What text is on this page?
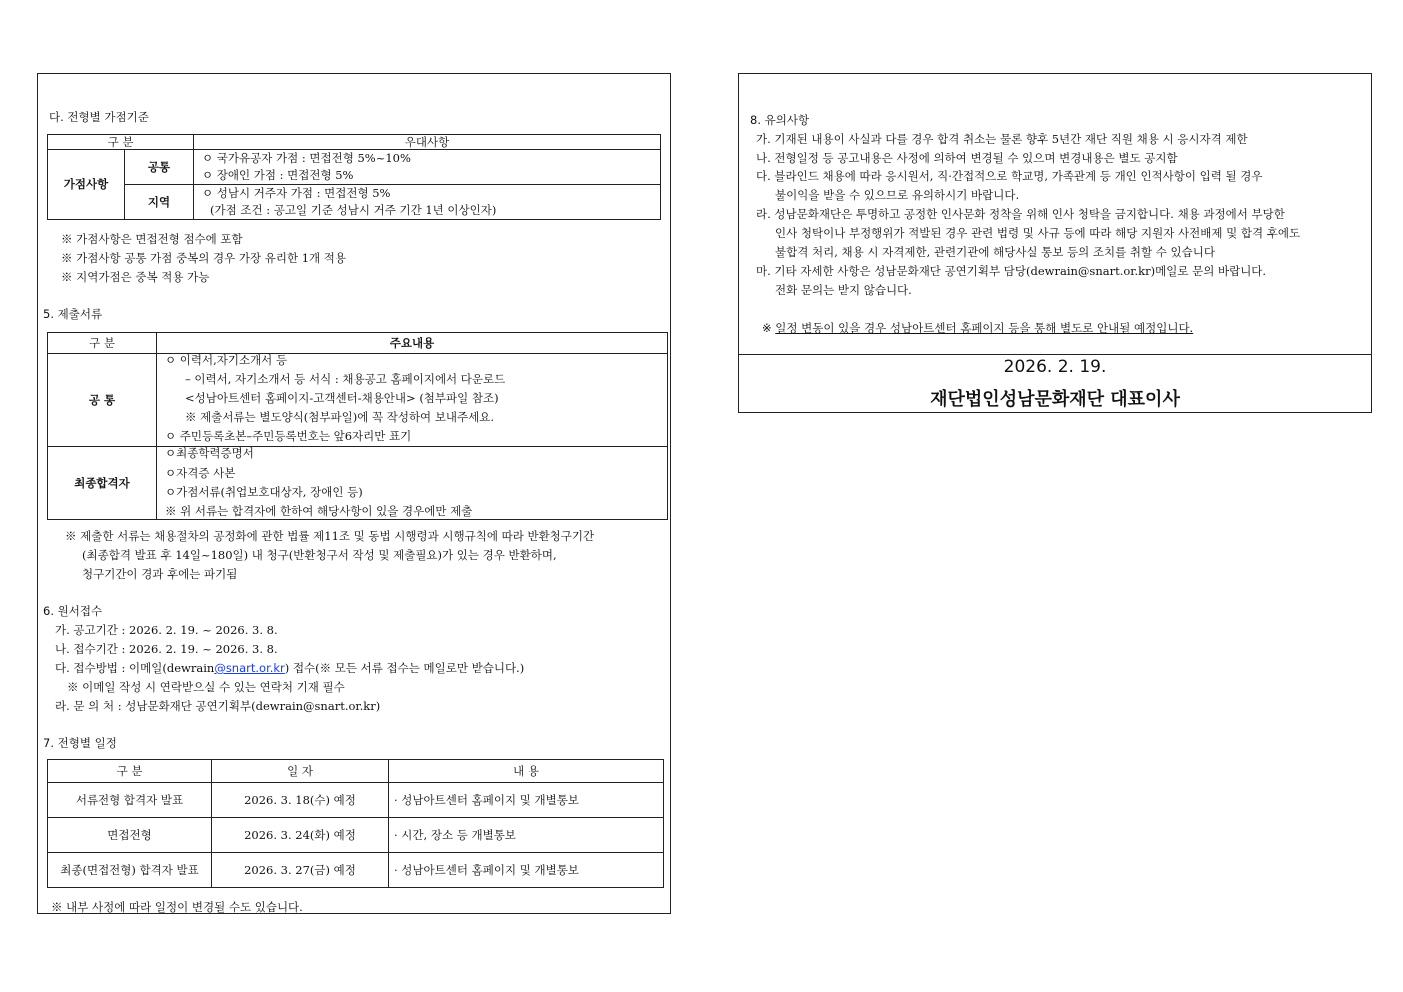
다. 전형별 가점기준
구 분		우대사항
가점사항	공통	ㅇ 국가유공자 가점 : 면접전형 5%~10%
ㅇ 장애인 가점 : 면접전형 5%

	지역	ㅇ 성남시 거주자 가점 : 면접전형 5%
(가점 조건 : 공고일 기준 성남시 거주 기간 1년 이상인자)
※ 가점사항은 면접전형 점수에 포함
※ 가점사항 공통 가점 중복의 경우 가장 유리한 1개 적용
※ 지역가점은 중복 적용 가능
5. 제출서류
구 분	주요내용
공 통	ㅇ 이력서,자기소개서 등
– 이력서, 자기소개서 등 서식 : 채용공고 홈페이지에서 다운로드
<성남아트센터 홈페이지-고객센터-채용안내> (첨부파일 참조)
※ 제출서류는 별도양식(첨부파일)에 꼭 작성하여 보내주세요.
ㅇ 주민등록초본–주민등록번호는 앞6자리만 표기

최종합격자	ㅇ최종학력증명서
ㅇ자격증 사본
ㅇ가점서류(취업보호대상자, 장애인 등)
※ 위 서류는 합격자에 한하여 해당사항이 있을 경우에만 제출
※ 제출한 서류는 채용절차의 공정화에 관한 법률 제11조 및 동법 시행령과 시행규칙에 따라 반환청구기간
(최종합격 발표 후 14일~180일) 내 청구(반환청구서 작성 및 제출필요)가 있는 경우 반환하며,
청구기간이 경과 후에는 파기됨
6. 원서접수
가. 공고기간 : 2026. 2. 19. ~ 2026. 3. 8.
나. 접수기간 : 2026. 2. 19. ~ 2026. 3. 8.
다. 접수방법 : 이메일(dewrain@snart.or.kr) 접수(※ 모든 서류 접수는 메일로만 받습니다.)
※ 이메일 작성 시 연락받으실 수 있는 연락처 기재 필수
라. 문 의 처 : 성남문화재단 공연기획부(dewrain@snart.or.kr)
7. 전형별 일정
구 분	일 자	내 용
서류전형 합격자 발표	2026. 3. 18(수) 예정	· 성남아트센터 홈페이지 및 개별통보
면접전형	2026. 3. 24(화) 예정	· 시간, 장소 등 개별통보
최종(면접전형) 합격자 발표	2026. 3. 27(금) 예정	· 성남아트센터 홈페이지 및 개별통보
※ 내부 사정에 따라 일정이 변경될 수도 있습니다.
8. 유의사항
가. 기재된 내용이 사실과 다를 경우 합격 취소는 물론 향후 5년간 재단 직원 채용 시 응시자격 제한
나. 전형일정 등 공고내용은 사정에 의하여 변경될 수 있으며 변경내용은 별도 공지함
다. 블라인드 채용에 따라 응시원서, 직·간접적으로 학교명, 가족관계 등 개인 인적사항이 입력 될 경우
불이익을 받을 수 있으므로 유의하시기 바랍니다.
라. 성남문화재단은 투명하고 공정한 인사문화 정착을 위해 인사 청탁을 금지합니다. 채용 과정에서 부당한
인사 청탁이나 부정행위가 적발된 경우 관련 법령 및 사규 등에 따라 해당 지원자 사전배제 및 합격 후에도
불합격 처리, 채용 시 자격제한, 관련기관에 해당사실 통보 등의 조치를 취할 수 있습니다
마. 기타 자세한 사항은 성남문화재단 공연기획부 담당(dewrain@snart.or.kr)메일로 문의 바랍니다.
전화 문의는 받지 않습니다.
※ 일정 변동이 있을 경우 성남아트센터 홈페이지 등을 통해 별도로 안내될 예정입니다.
2026. 2. 19.
재단법인성남문화재단 대표이사
